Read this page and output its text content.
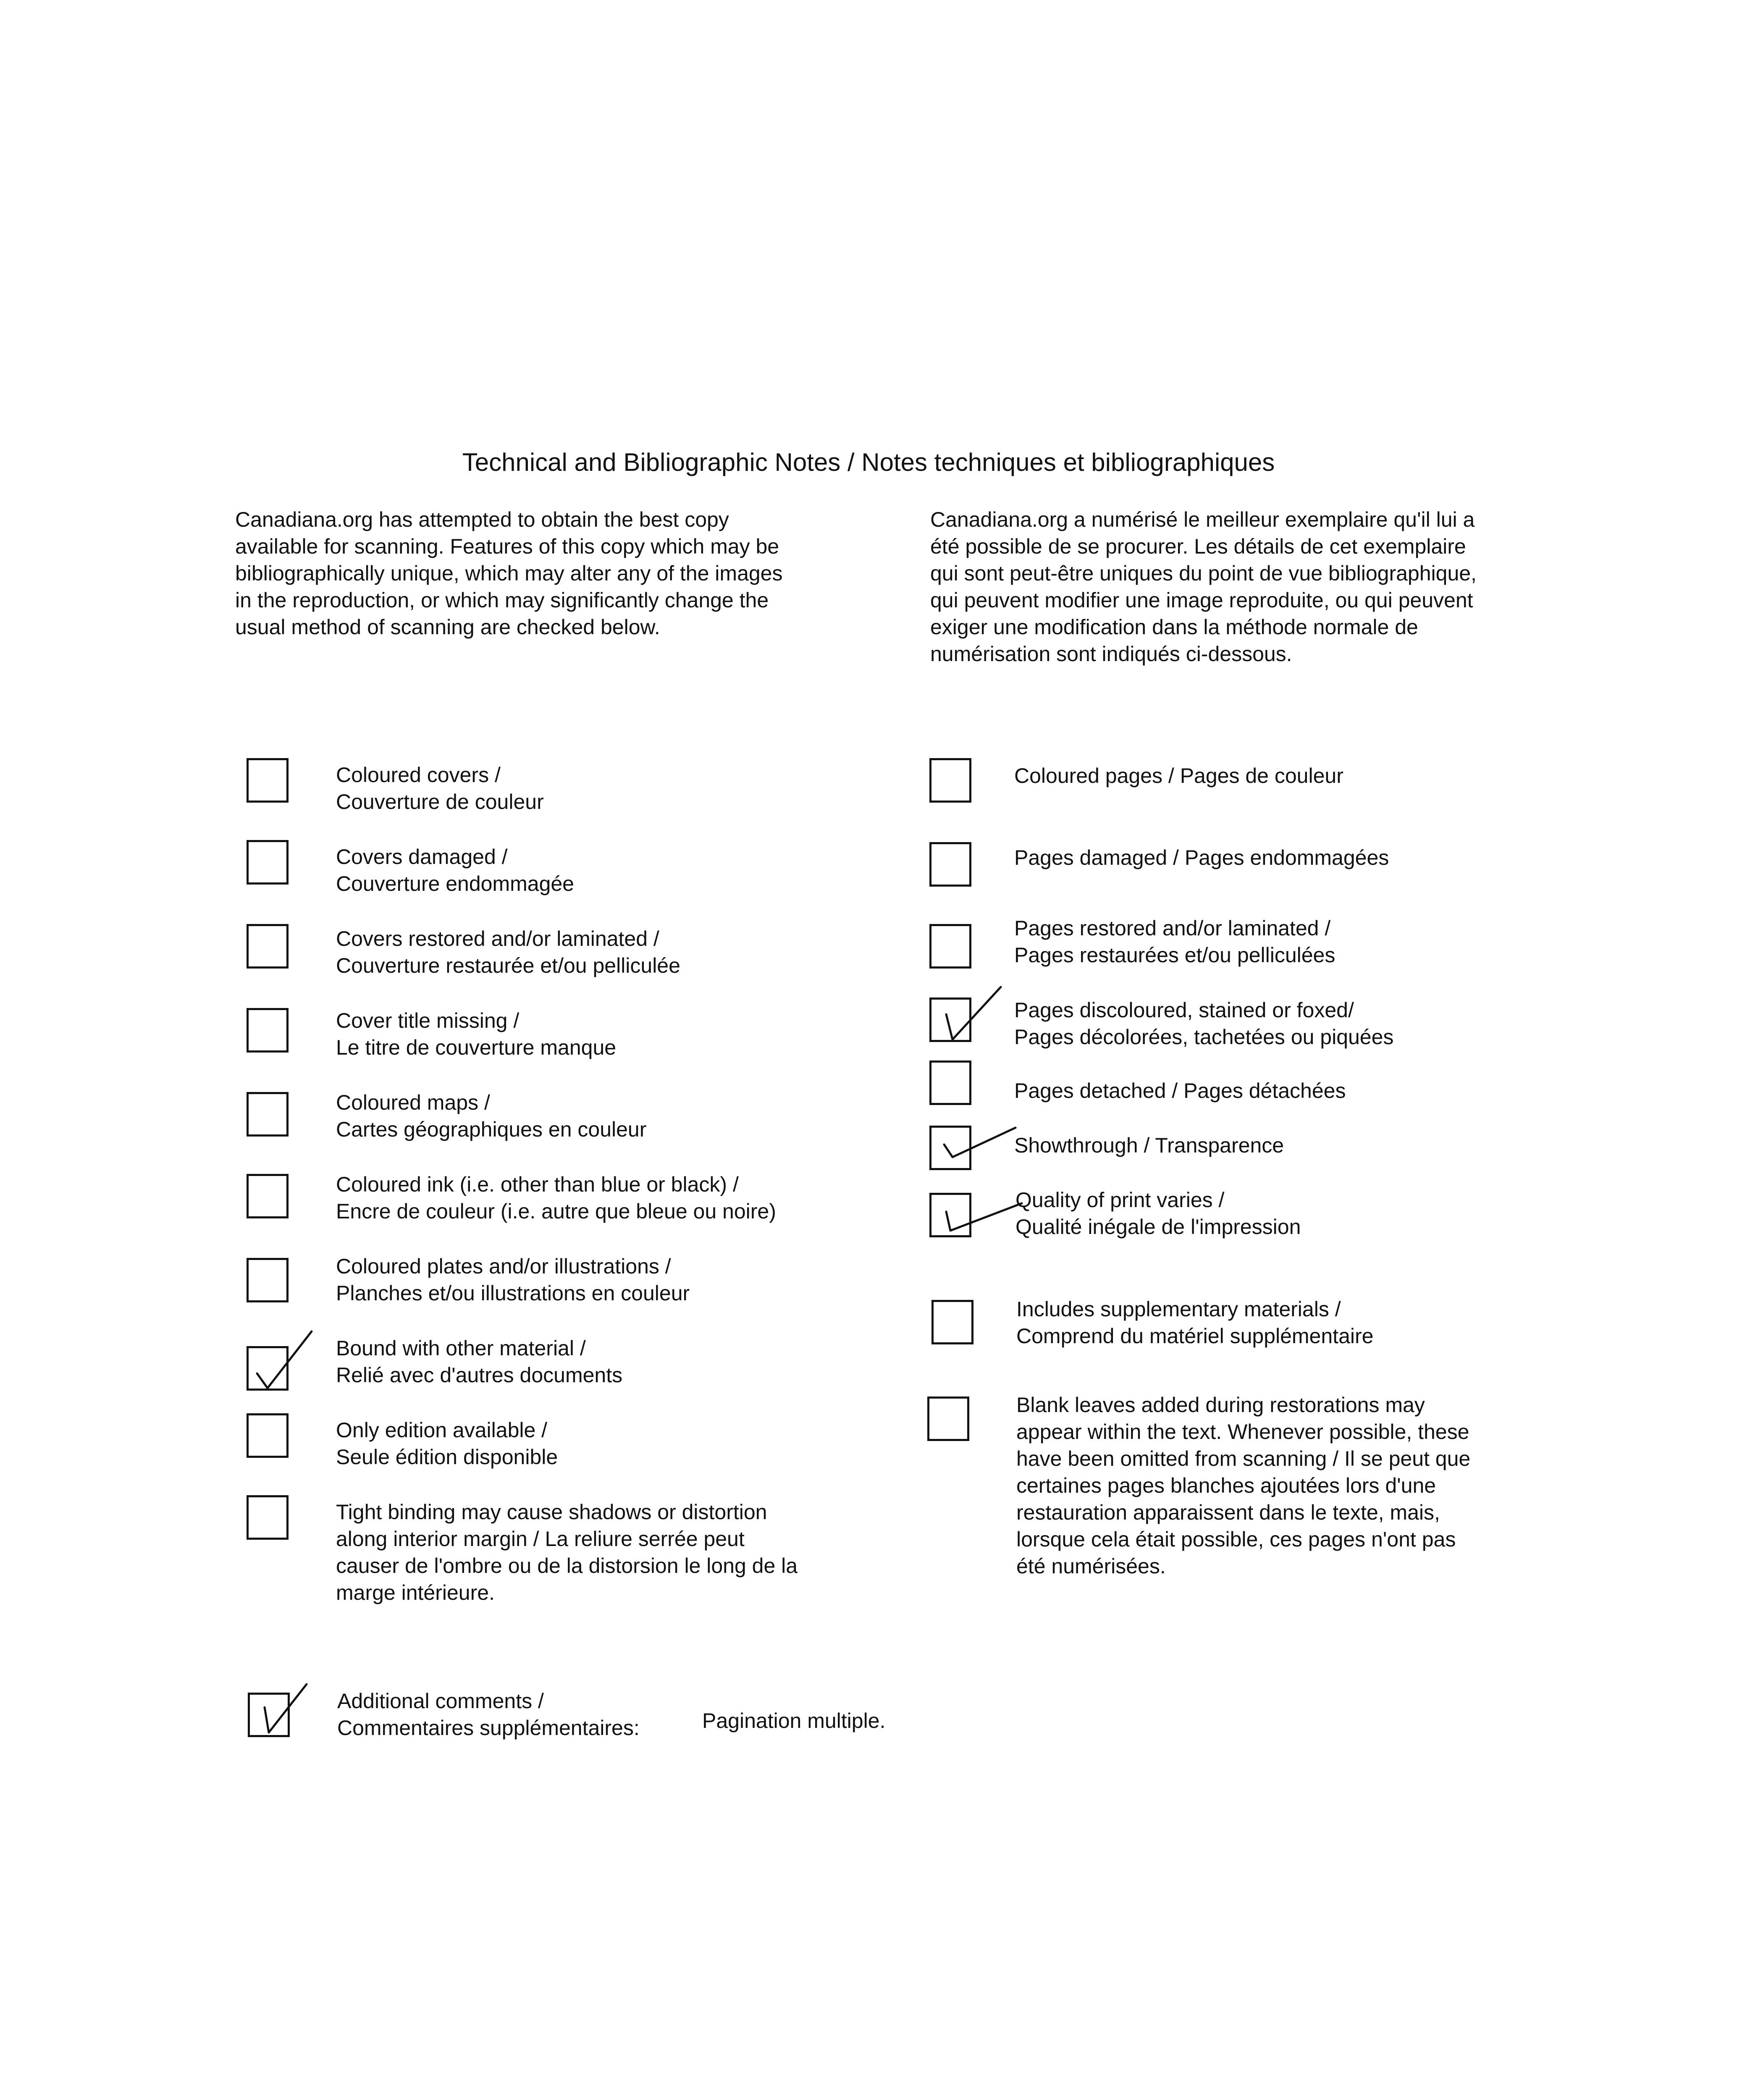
Technical and Bibliographic Notes / Notes techniques et bibliographiques
Canadiana.org has attempted to obtain the best copy
available for scanning. Features of this copy which may be
bibliographically unique, which may alter any of the images
in the reproduction, or which may significantly change the
usual method of scanning are checked below.
Canadiana.org a numérisé le meilleur exemplaire qu'il lui a
été possible de se procurer. Les détails de cet exemplaire
qui sont peut-être uniques du point de vue bibliographique,
qui peuvent modifier une image reproduite, ou qui peuvent
exiger une modification dans la méthode normale de
numérisation sont indiqués ci-dessous.
Coloured covers /
Couverture de couleur
Covers damaged /
Couverture endommagée
Covers restored and/or laminated /
Couverture restaurée et/ou pelliculée
Cover title missing /
Le titre de couverture manque
Coloured maps /
Cartes géographiques en couleur
Coloured ink (i.e. other than blue or black) /
Encre de couleur (i.e. autre que bleue ou noire)
Coloured plates and/or illustrations /
Planches et/ou illustrations en couleur
Bound with other material /
Relié avec d'autres documents
Only edition available /
Seule édition disponible
Tight binding may cause shadows or distortion
along interior margin / La reliure serrée peut
causer de l'ombre ou de la distorsion le long de la
marge intérieure.
Coloured pages / Pages de couleur
Pages damaged / Pages endommagées
Pages restored and/or laminated /
Pages restaurées et/ou pelliculées
Pages discoloured, stained or foxed/
Pages décolorées, tachetées ou piquées
Pages detached / Pages détachées
Showthrough / Transparence
Quality of print varies /
Qualité inégale de l'impression
Includes supplementary materials /
Comprend du matériel supplémentaire
Blank leaves added during restorations may
appear within the text. Whenever possible, these
have been omitted from scanning / Il se peut que
certaines pages blanches ajoutées lors d'une
restauration apparaissent dans le texte, mais,
lorsque cela était possible, ces pages n'ont pas
été numérisées.
Additional comments /
Commentaires supplémentaires:	Pagination multiple.
